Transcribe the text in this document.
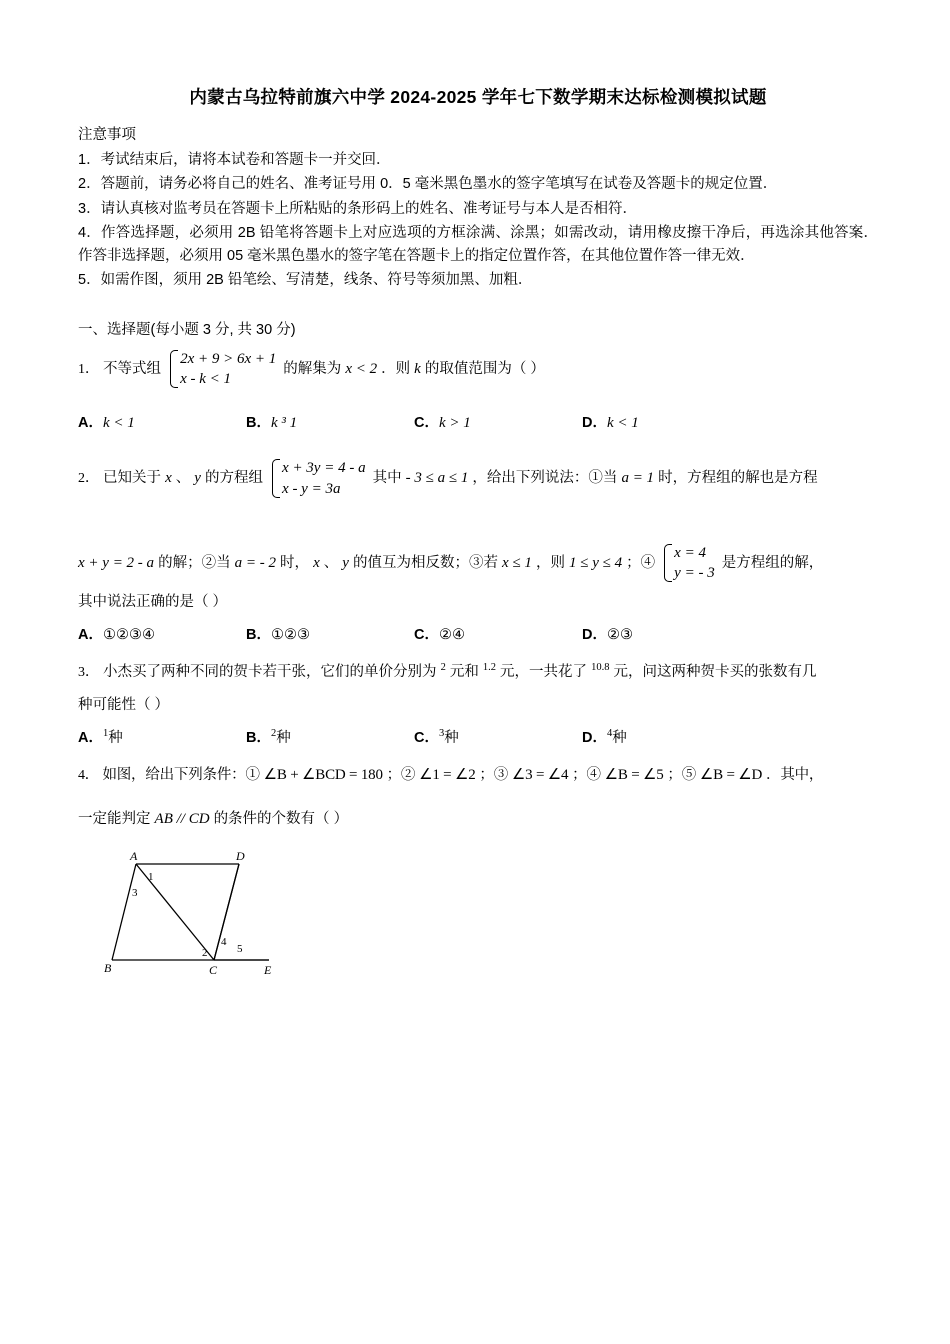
内蒙古乌拉特前旗六中学 2024-2025 学年七下数学期末达标检测模拟试题
注意事项
1．考试结束后，请将本试卷和答题卡一并交回．
2．答题前，请务必将自己的姓名、准考证号用 0．5 毫米黑色墨水的签字笔填写在试卷及答题卡的规定位置．
3．请认真核对监考员在答题卡上所粘贴的条形码上的姓名、准考证号与本人是否相符．
4．作答选择题，必须用 2B 铅笔将答题卡上对应选项的方框涂满、涂黑；如需改动，请用橡皮擦干净后，再选涂其他答案．作答非选择题，必须用 05 毫米黑色墨水的签字笔在答题卡上的指定位置作答，在其他位置作答一律无效．
5．如需作图，须用 2B 铅笔绘、写清楚，线条、符号等须加黑、加粗．
一、选择题(每小题 3 分, 共 30 分)
1． 不等式组
2x + 9 > 6x + 1
x - k < 1
的解集为 x < 2 ．则 k 的取值范围为（ ）
A．k < 1	B．k ³ 1	C．k > 1	D．k < 1
2． 已知关于 x 、 y 的方程组
x + 3y = 4 - a
x - y = 3a
其中 - 3 ≤ a ≤ 1 ，给出下列说法：①当 a = 1 时，方程组的解也是方程
x + y = 2 - a 的解；②当 a = - 2 时， x 、 y 的值互为相反数；③若 x ≤ 1 ，则 1 ≤ y ≤ 4 ；④
x = 4
y = - 3
是方程组的解，
其中说法正确的是（ ）
A．①②③④	B．①②③	C．②④	D．②③
3． 小杰买了两种不同的贺卡若干张，它们的单价分别为 $^2$ 元和 $^{1.2}$ 元，一共花了 $^{10.8}$ 元，问这两种贺卡买的张数有几
种可能性（ ）
A．$^1$种	B．$^2$种	C．$^3$种	D．$^4$种
4． 如图，给出下列条件：① ∠B + ∠BCD = 180 ；② ∠1 = ∠2 ；③ ∠3 = ∠4 ；④ ∠B = ∠5 ；⑤ ∠B = ∠D ．其中，
一定能判定 AB // CD 的条件的个数有（ ）
A	D
B	C	E
1
3
2
4
5
